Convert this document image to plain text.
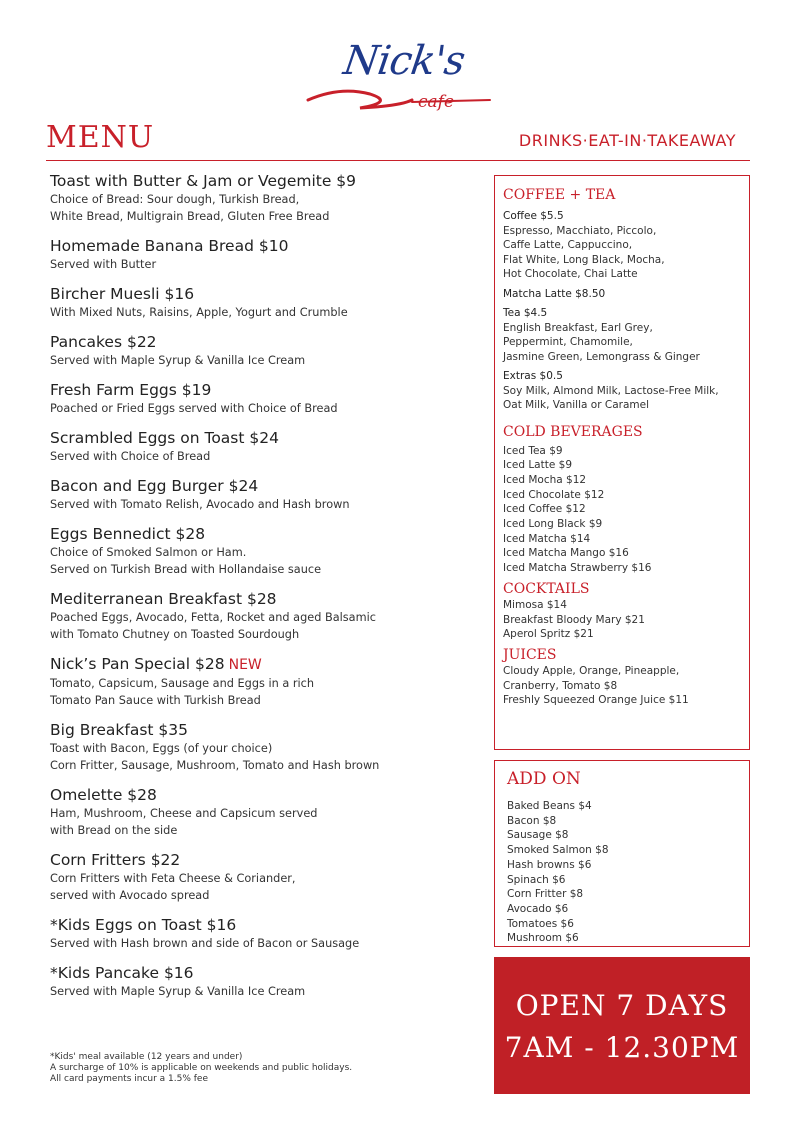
Nick's
cafe
MENU	DRINKS·EAT-IN·TAKEAWAY
Toast with Butter & Jam or Vegemite $9
Choice of Bread: Sour dough, Turkish Bread,
White Bread, Multigrain Bread, Gluten Free Bread
Homemade Banana Bread $10
Served with Butter
Bircher Muesli $16
With Mixed Nuts, Raisins, Apple, Yogurt and Crumble
Pancakes $22
Served with Maple Syrup & Vanilla Ice Cream
Fresh Farm Eggs $19
Poached or Fried Eggs served with Choice of Bread
Scrambled Eggs on Toast $24
Served with Choice of Bread
Bacon and Egg Burger $24
Served with Tomato Relish, Avocado and Hash brown
Eggs Bennedict $28
Choice of Smoked Salmon or Ham.
Served on Turkish Bread with Hollandaise sauce
Mediterranean Breakfast $28
Poached Eggs, Avocado, Fetta, Rocket and aged Balsamic
with Tomato Chutney on Toasted Sourdough
Nick’s Pan Special $28 NEW
Tomato, Capsicum, Sausage and Eggs in a rich
Tomato Pan Sauce with Turkish Bread
Big Breakfast $35
Toast with Bacon, Eggs (of your choice)
Corn Fritter, Sausage, Mushroom, Tomato and Hash brown
Omelette $28
Ham, Mushroom, Cheese and Capsicum served
with Bread on the side
Corn Fritters $22
Corn Fritters with Feta Cheese & Coriander,
served with Avocado spread
*Kids Eggs on Toast $16
Served with Hash brown and side of Bacon or Sausage
*Kids Pancake $16
Served with Maple Syrup & Vanilla Ice Cream
*Kids' meal available (12 years and under)
A surcharge of 10% is applicable on weekends and public holidays.
All card payments incur a 1.5% fee
COFFEE + TEA
Coffee $5.5
Espresso, Macchiato, Piccolo,
Caffe Latte, Cappuccino,
Flat White, Long Black, Mocha,
Hot Chocolate, Chai Latte
Matcha Latte $8.50
Tea $4.5
English Breakfast, Earl Grey,
Peppermint, Chamomile,
Jasmine Green, Lemongrass & Ginger
Extras $0.5
Soy Milk, Almond Milk, Lactose-Free Milk,
Oat Milk, Vanilla or Caramel
COLD BEVERAGES
Iced Tea $9
Iced Latte $9
Iced Mocha $12
Iced Chocolate $12
Iced Coffee $12
Iced Long Black $9
Iced Matcha $14
Iced Matcha Mango $16
Iced Matcha Strawberry $16
COCKTAILS
Mimosa $14
Breakfast Bloody Mary $21
Aperol Spritz $21
JUICES
Cloudy Apple, Orange, Pineapple,
Cranberry, Tomato $8
Freshly Squeezed Orange Juice $11
ADD ON
Baked Beans $4
Bacon $8
Sausage $8
Smoked Salmon $8
Hash browns $6
Spinach $6
Corn Fritter $8
Avocado $6
Tomatoes $6
Mushroom $6
OPEN 7 DAYS
7AM - 12.30PM
